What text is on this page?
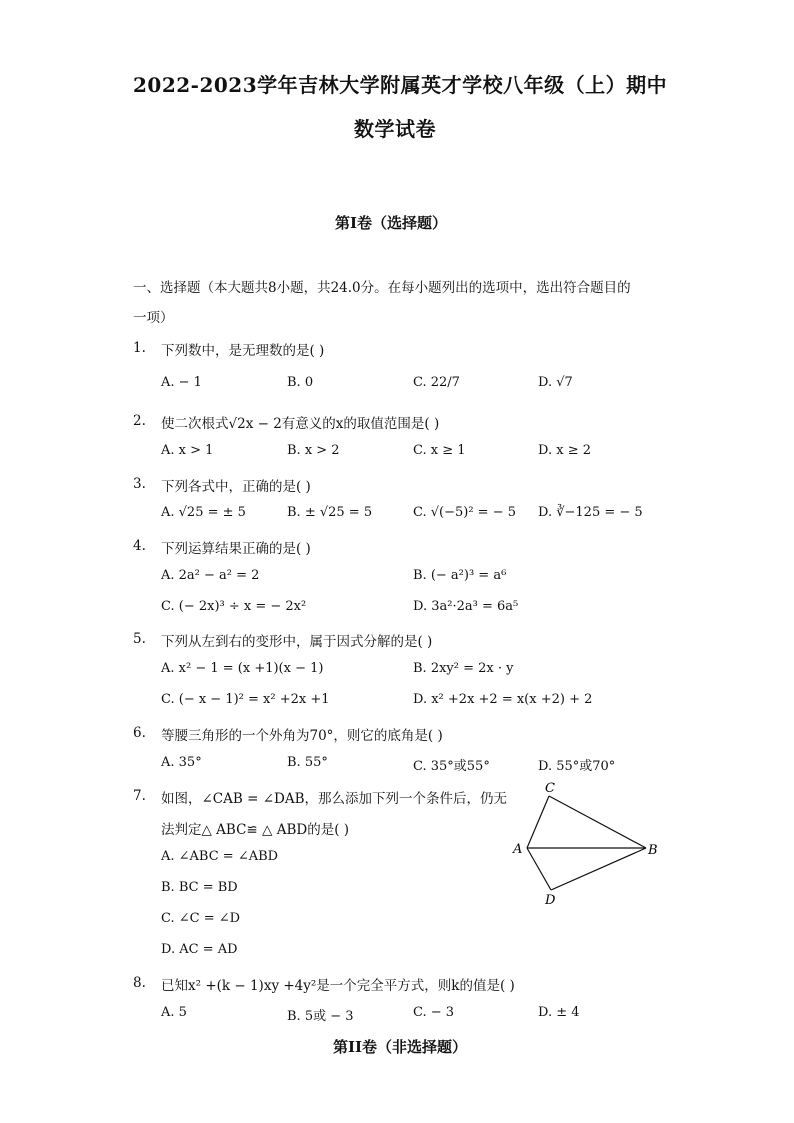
2022-2023学年吉林大学附属英才学校八年级（上）期中
数学试卷
第I卷（选择题）
一、选择题（本大题共8小题，共24.0分。在每小题列出的选项中，选出符合题目的
一项）
1. 下列数中，是无理数的是( )
A. − 1	B. 0	C. 22/7	D. √7
2. 使二次根式√2x − 2有意义的x的取值范围是( )
A. x > 1	B. x > 2	C. x ≥ 1	D. x ≥ 2
3. 下列各式中，正确的是( )
A. √25 = ± 5	B. ± √25 = 5	C. √(−5)² = − 5 D. ∛−125 = − 5
4. 下列运算结果正确的是( )
A. 2a² − a² = 2	B. (− a²)³ = a⁶
C. (− 2x)³ ÷ x = − 2x²	D. 3a²·2a³ = 6a⁵
5. 下列从左到右的变形中，属于因式分解的是( )
A. x² − 1 = (x +1)(x − 1)	B. 2xy² = 2x · y
C. (− x − 1)² = x² +2x +1	D. x² +2x +2 = x(x +2) + 2
6. 等腰三角形的一个外角为70°，则它的底角是( )
A. 35°	B. 55°	C. 35°或55°	D. 55°或70°
7. 如图，∠CAB = ∠DAB，那么添加下列一个条件后，仍无
法判定△ ABC≌ △ ABD的是( )
A. ∠ABC = ∠ABD
B. BC = BD
C. ∠C = ∠D
D. AC = AD
C
A	B
D
8. 已知x² +(k − 1)xy +4y²是一个完全平方式，则k的值是( )
A. 5	B. 5或 − 3	C. − 3	D. ± 4
第II卷（非选择题）
